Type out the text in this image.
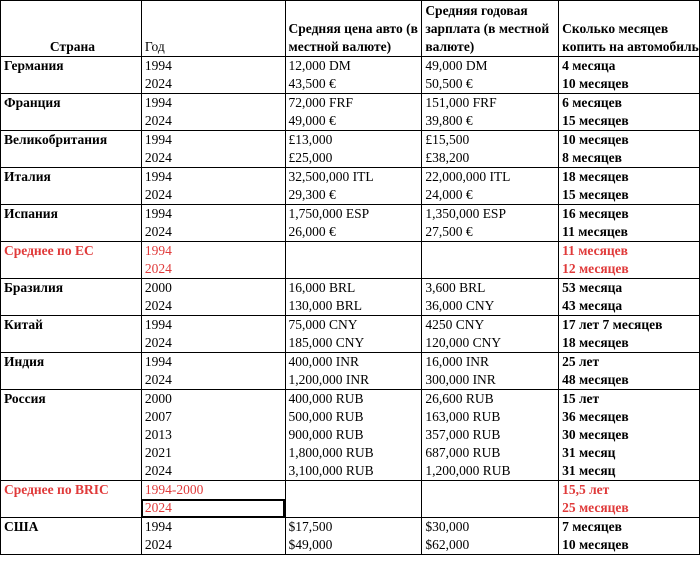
Страна	Год	Средняя цена авто (в местной валюте)	Средняя годовая зарплата (в местной валюте)	Сколько месяцев копить на автомобиль
Германия	1994	12,000 DM	49,000 DM	4 месяца
	2024	43,500 €	50,500 €	10 месяцев
Франция	1994	72,000 FRF	151,000 FRF	6 месяцев
	2024	49,000 €	39,800 €	15 месяцев
Великобритания	1994	£13,000	£15,500	10 месяцев
	2024	£25,000	£38,200	8 месяцев
Италия	1994	32,500,000 ITL	22,000,000 ITL	18 месяцев
	2024	29,300 €	24,000 €	15 месяцев
Испания	1994	1,750,000 ESP	1,350,000 ESP	16 месяцев
	2024	26,000 €	27,500 €	11 месяцев
Среднее по ЕС	1994			11 месяцев
	2024			12 месяцев
Бразилия	2000	16,000 BRL	3,600 BRL	53 месяца
	2024	130,000 BRL	36,000 CNY	43 месяца
Китай	1994	75,000 CNY	4250 CNY	17 лет 7 месяцев
	2024	185,000 CNY	120,000 CNY	18 месяцев
Индия	1994	400,000 INR	16,000 INR	25 лет
	2024	1,200,000 INR	300,000 INR	48 месяцев
Россия	2000	400,000 RUB	26,600 RUB	15 лет
	2007	500,000 RUB	163,000 RUB	36 месяцев
	2013	900,000 RUB	357,000 RUB	30 месяцев
	2021	1,800,000 RUB	687,000 RUB	31 месяц
	2024	3,100,000 RUB	1,200,000 RUB	31 месяц
Среднее по BRIC	1994-2000			15,5 лет
	2024			25 месяцев
США	1994	$17,500	$30,000	7 месяцев
	2024	$49,000	$62,000	10 месяцев
